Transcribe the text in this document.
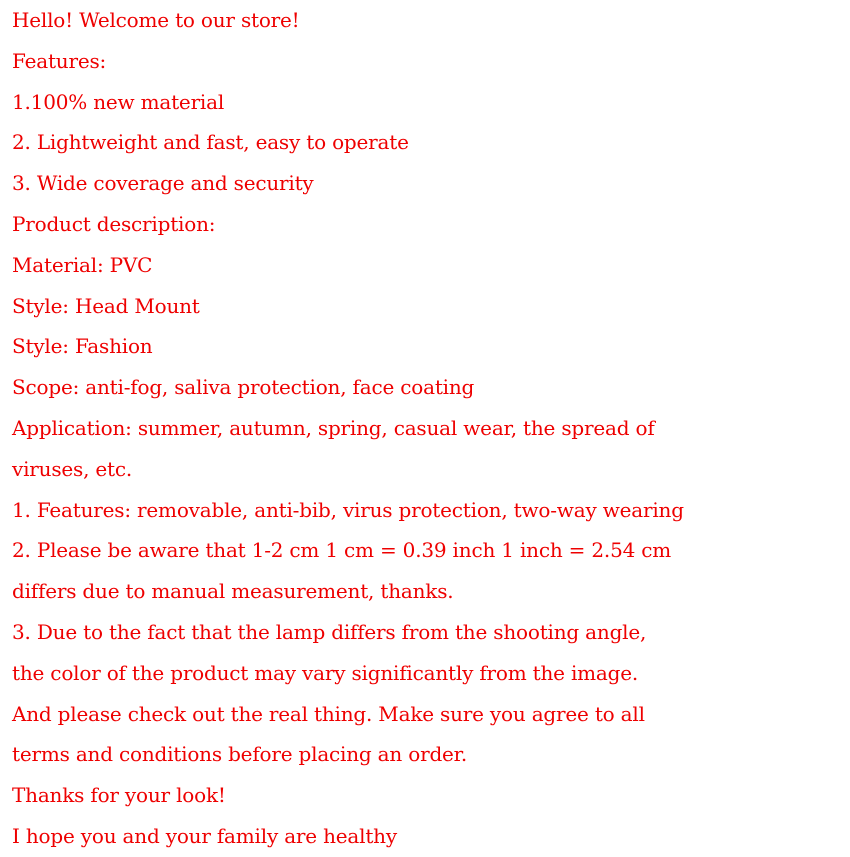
Hello! Welcome to our store!
Features:
1.100% new material
2. Lightweight and fast, easy to operate
3. Wide coverage and security
Product description:
Material: PVC
Style: Head Mount
Style: Fashion
Scope: anti-fog, saliva protection, face coating
Application: summer, autumn, spring, casual wear, the spread of
viruses, etc.
1. Features: removable, anti-bib, virus protection, two-way wearing
2. Please be aware that 1-2 cm 1 cm = 0.39 inch 1 inch = 2.54 cm
differs due to manual measurement, thanks.
3. Due to the fact that the lamp differs from the shooting angle,
the color of the product may vary significantly from the image.
And please check out the real thing. Make sure you agree to all
terms and conditions before placing an order.
Thanks for your look!
I hope you and your family are healthy
